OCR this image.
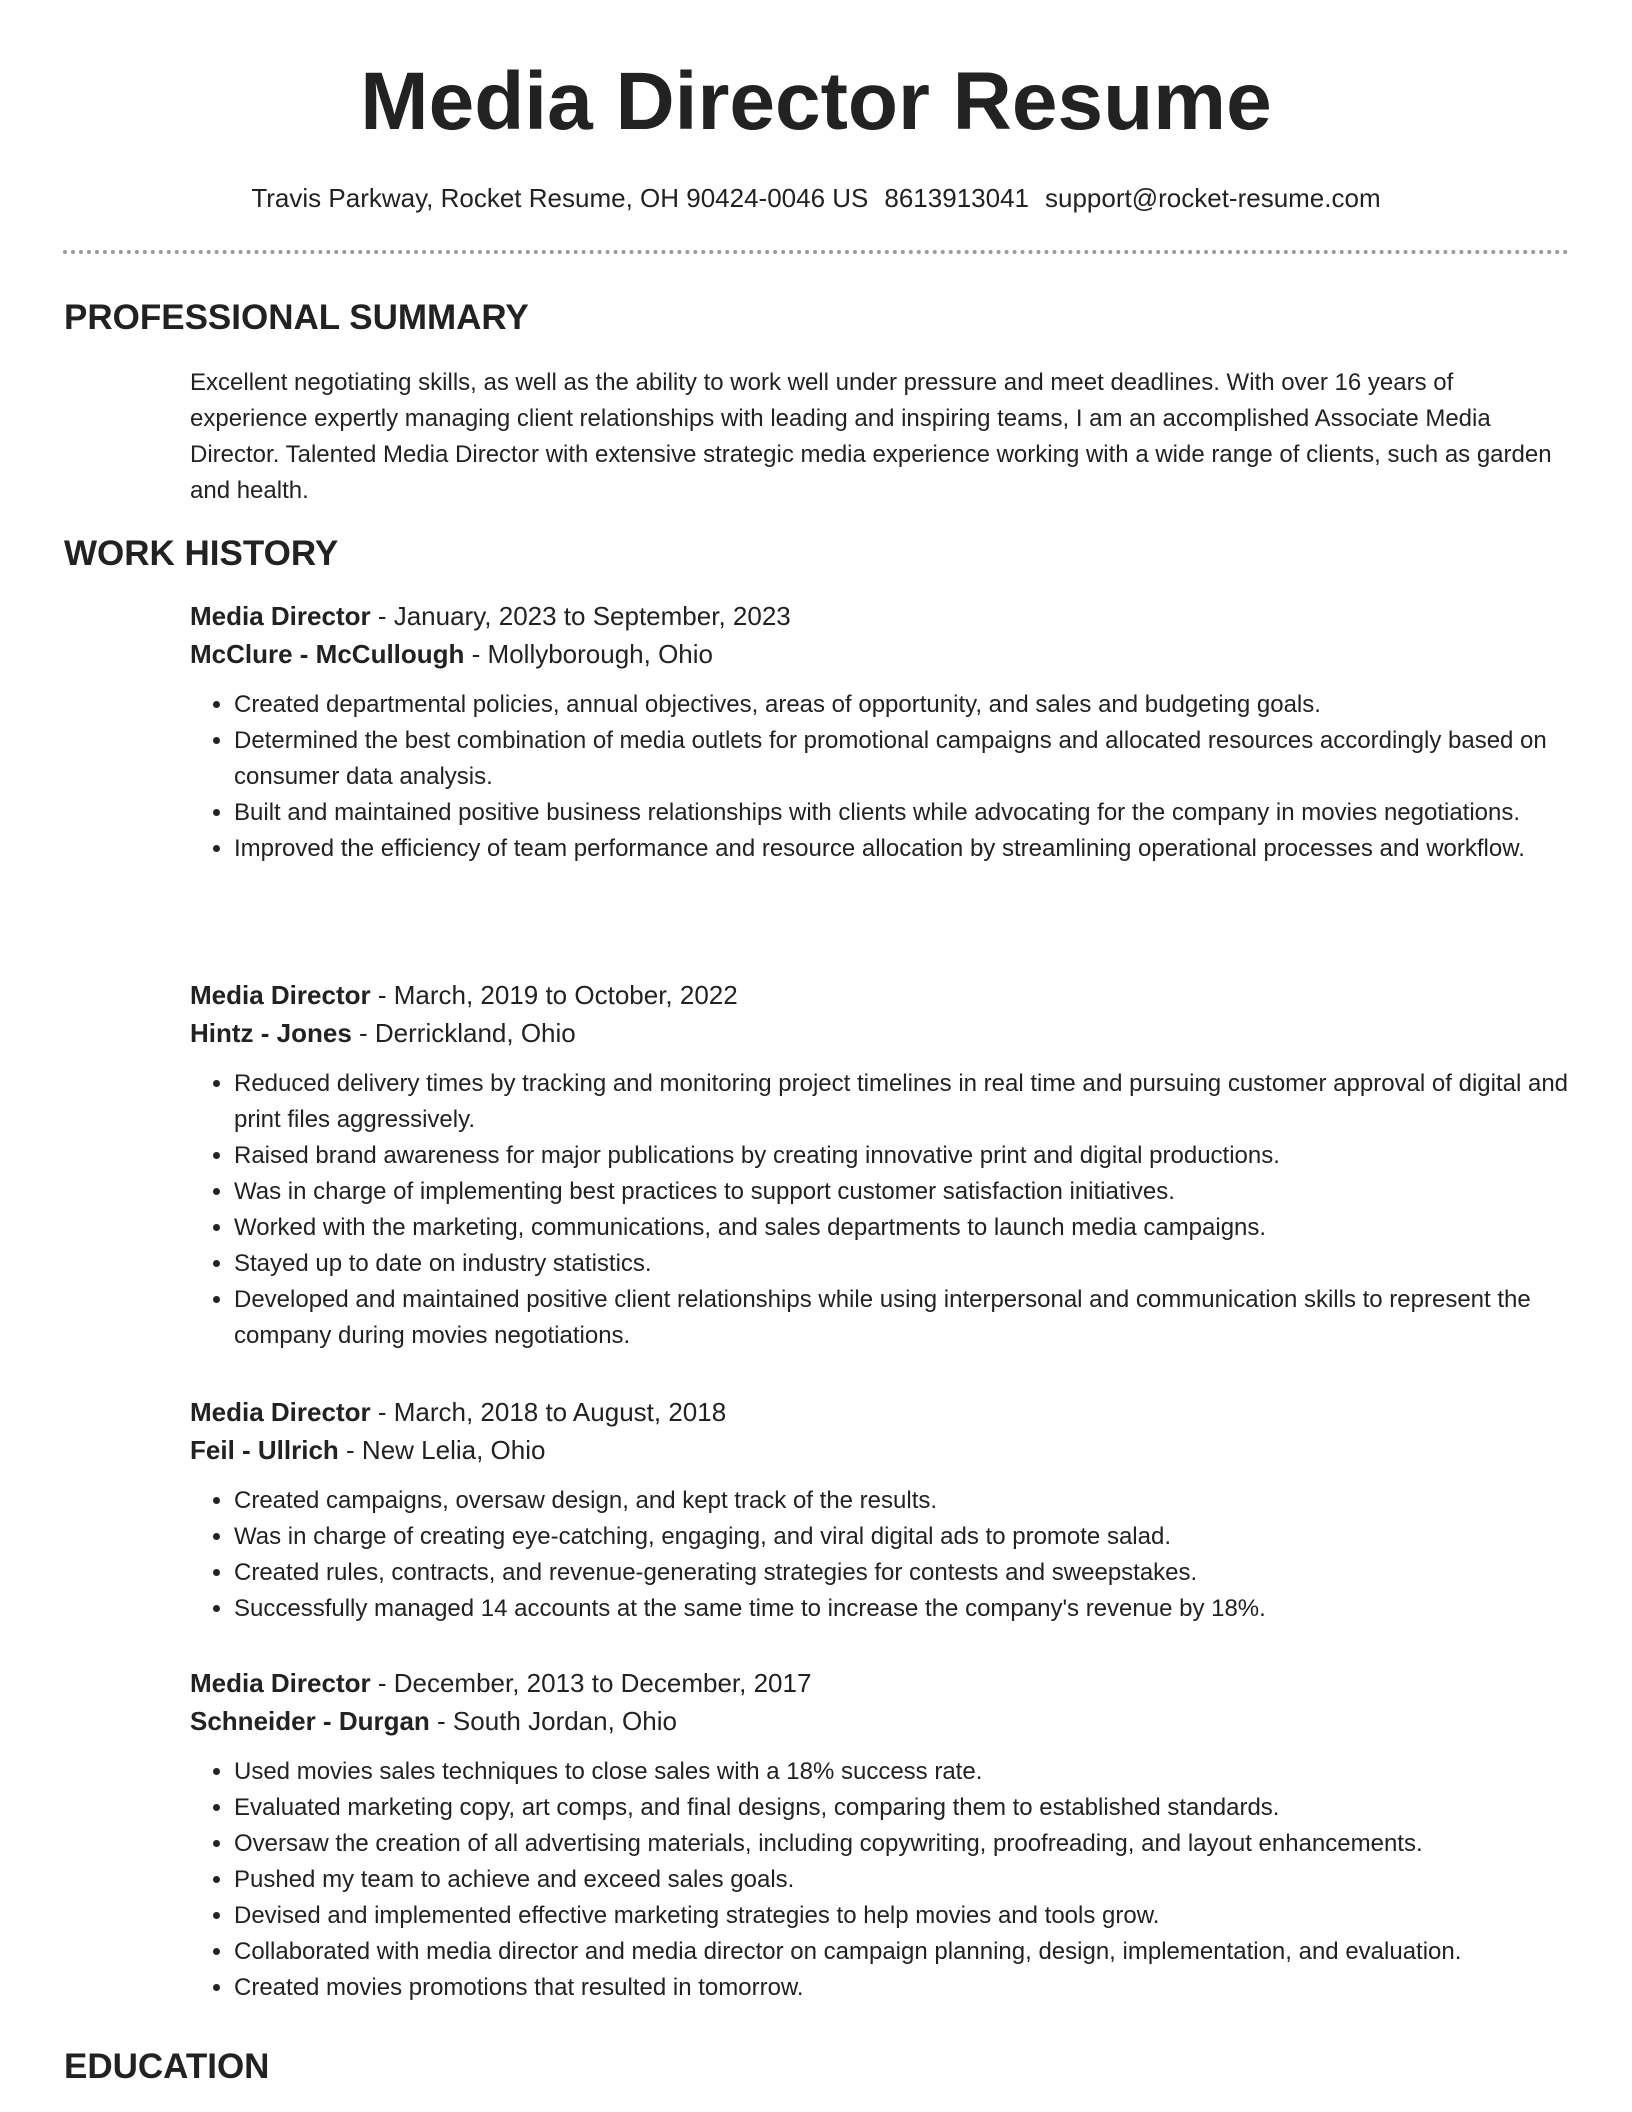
Media Director Resume
Travis Parkway, Rocket Resume, OH 90424-0046 US 8613913041 support@rocket-resume.com
PROFESSIONAL SUMMARY
Excellent negotiating skills, as well as the ability to work well under pressure and meet deadlines. With over 16 years of experience expertly managing client relationships with leading and inspiring teams, I am an accomplished Associate Media Director. Talented Media Director with extensive strategic media experience working with a wide range of clients, such as garden and health.
WORK HISTORY
Media Director - January, 2023 to September, 2023
McClure - McCullough - Mollyborough, Ohio
• Created departmental policies, annual objectives, areas of opportunity, and sales and budgeting goals.
• Determined the best combination of media outlets for promotional campaigns and allocated resources accordingly based on consumer data analysis.
• Built and maintained positive business relationships with clients while advocating for the company in movies negotiations.
• Improved the efficiency of team performance and resource allocation by streamlining operational processes and workflow.
Media Director - March, 2019 to October, 2022
Hintz - Jones - Derrickland, Ohio
• Reduced delivery times by tracking and monitoring project timelines in real time and pursuing customer approval of digital and print files aggressively.
• Raised brand awareness for major publications by creating innovative print and digital productions.
• Was in charge of implementing best practices to support customer satisfaction initiatives.
• Worked with the marketing, communications, and sales departments to launch media campaigns.
• Stayed up to date on industry statistics.
• Developed and maintained positive client relationships while using interpersonal and communication skills to represent the company during movies negotiations.
Media Director - March, 2018 to August, 2018
Feil - Ullrich - New Lelia, Ohio
• Created campaigns, oversaw design, and kept track of the results.
• Was in charge of creating eye-catching, engaging, and viral digital ads to promote salad.
• Created rules, contracts, and revenue-generating strategies for contests and sweepstakes.
• Successfully managed 14 accounts at the same time to increase the company's revenue by 18%.
Media Director - December, 2013 to December, 2017
Schneider - Durgan - South Jordan, Ohio
• Used movies sales techniques to close sales with a 18% success rate.
• Evaluated marketing copy, art comps, and final designs, comparing them to established standards.
• Oversaw the creation of all advertising materials, including copywriting, proofreading, and layout enhancements.
• Pushed my team to achieve and exceed sales goals.
• Devised and implemented effective marketing strategies to help movies and tools grow.
• Collaborated with media director and media director on campaign planning, design, implementation, and evaluation.
• Created movies promotions that resulted in tomorrow.
EDUCATION
